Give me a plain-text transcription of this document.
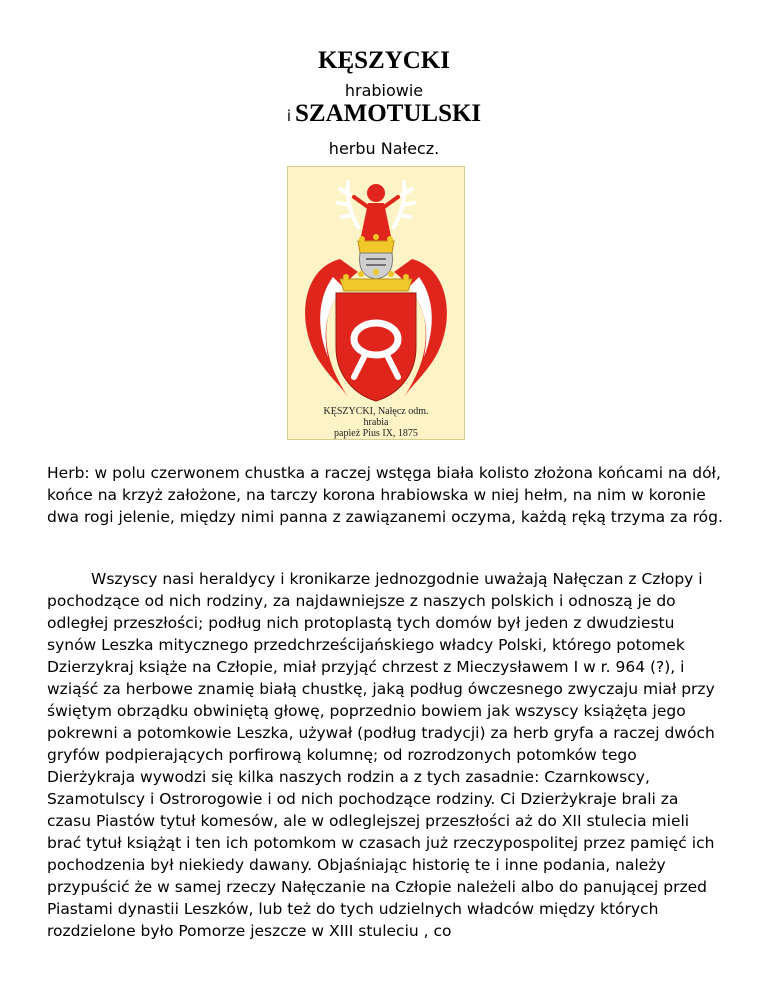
KĘSZYCKI
hrabiowie
i SZAMOTULSKI
herbu Nałecz.
KĘSZYCKI, Nałęcz odm.
hrabia
papież Pius IX, 1875
Herb: w polu czerwonem chustka a raczej wstęga biała kolisto złożona końcami na dół, końce na krzyż założone, na tarczy korona hrabiowska w niej hełm, na nim w koronie dwa rogi jelenie, między nimi panna z zawiązanemi oczyma, każdą ręką trzyma za róg.
Wszyscy nasi heraldycy i kronikarze jednozgodnie uważają Nałęczan z Człopy i pochodzące od nich rodziny, za najdawniejsze z naszych polskich i odnoszą je do odległej przeszłości; podług nich protoplastą tych domów był jeden z dwudziestu synów Leszka mitycznego przedchrześcijańskiego władcy Polski, którego potomek Dzierzykraj książe na Człopie, miał przyjąć chrzest z Mieczysławem I w r. 964 (?), i wziąść za herbowe znamię białą chustkę, jaką podług ówczesnego zwyczaju miał przy świętym obrządku obwiniętą głowę, poprzednio bowiem jak wszyscy książęta jego pokrewni a potomkowie Leszka, używał (podług tradycji) za herb gryfa a raczej dwóch gryfów podpierających porfirową kolumnę; od rozrodzonych potomków tego Dierżykraja wywodzi się kilka naszych rodzin a z tych zasadnie: Czarnkowscy, Szamotulscy i Ostrorogowie i od nich pochodzące rodziny. Ci Dzierżykraje brali za czasu Piastów tytuł komesów, ale w odleglejszej przeszłości aż do XII stulecia mieli brać tytuł książąt i ten ich potomkom w czasach już rzeczypospolitej przez pamięć ich pochodzenia był niekiedy dawany. Objaśniając historię te i inne podania, należy przypuścić że w samej rzeczy Nałęczanie na Człopie należeli albo do panującej przed Piastami dynastii Leszków, lub też do tych udzielnych władców między których rozdzielone było Pomorze jeszcze w XIII stuleciu , co
